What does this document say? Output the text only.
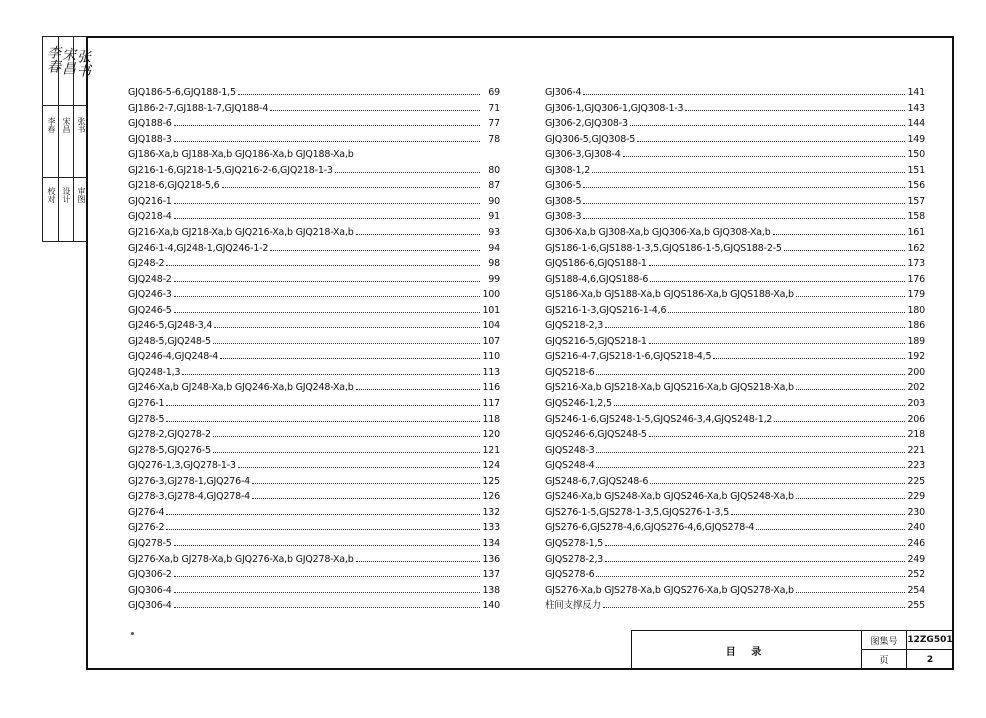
校对 设计 审图
李春 宋昌 张书
李春 宋昌 张书
GJQ186-5-6,GJQ188-1,5	69
GJ186-2-7,GJ188-1-7,GJQ188-4	71
GJQ188-6	77
GJQ188-3	78
GJ186-Xa,b GJ188-Xa,b GJQ186-Xa,b GJQ188-Xa,b
GJ216-1-6,GJ218-1-5,GJQ216-2-6,GJQ218-1-3	80
GJ218-6,GJQ218-5,6	87
GJQ216-1	90
GJQ218-4	91
GJ216-Xa,b GJ218-Xa,b GJQ216-Xa,b GJQ218-Xa,b	93
GJ246-1-4,GJ248-1,GJQ246-1-2	94
GJ248-2	98
GJQ248-2	99
GJQ246-3	100
GJQ246-5	101
GJ246-5,GJ248-3,4	104
GJ248-5,GJQ248-5	107
GJQ246-4,GJQ248-4	110
GJQ248-1,3	113
GJ246-Xa,b GJ248-Xa,b GJQ246-Xa,b GJQ248-Xa,b	116
GJ276-1	117
GJ278-5	118
GJ278-2,GJQ278-2	120
GJ278-5,GJQ276-5	121
GJQ276-1,3,GJQ278-1-3	124
GJ276-3,GJ278-1,GJQ276-4	125
GJ278-3,GJ278-4,GJQ278-4	126
GJ276-4	132
GJ276-2	133
GJQ278-5	134
GJ276-Xa,b GJ278-Xa,b GJQ276-Xa,b GJQ278-Xa,b	136
GJQ306-2	137
GJQ306-4	138
GJQ306-4	140
GJ306-4	141
GJ306-1,GJQ306-1,GJQ308-1-3	143
GJ306-2,GJQ308-3	144
GJQ306-5,GJQ308-5	149
GJ306-3,GJ308-4	150
GJ308-1,2	151
GJ306-5	156
GJ308-5	157
GJ308-3	158
GJ306-Xa,b GJ308-Xa,b GJQ306-Xa,b GJQ308-Xa,b	161
GJS186-1-6,GJS188-1-3,5,GJQS186-1-5,GJQS188-2-5	162
GJQS186-6,GJQS188-1	173
GJS188-4,6,GJQS188-6	176
GJS186-Xa,b GJS188-Xa,b GJQS186-Xa,b GJQS188-Xa,b	179
GJS216-1-3,GJQS216-1-4,6	180
GJQS218-2,3	186
GJQS216-5,GJQS218-1	189
GJS216-4-7,GJS218-1-6,GJQS218-4,5	192
GJQS218-6	200
GJS216-Xa,b GJS218-Xa,b GJQS216-Xa,b GJQS218-Xa,b	202
GJQS246-1,2,5	203
GJS246-1-6,GJS248-1-5,GJQS246-3,4,GJQS248-1,2	206
GJQS246-6,GJQS248-5	218
GJQS248-3	221
GJQS248-4	223
GJS248-6,7,GJQS248-6	225
GJS246-Xa,b GJS248-Xa,b GJQS246-Xa,b GJQS248-Xa,b	229
GJS276-1-5,GJS278-1-3,5,GJQS276-1-3,5	230
GJS276-6,GJS278-4,6,GJQS276-4,6,GJQS278-4	240
GJQS278-1,5	246
GJQS278-2,3	249
GJQS278-6	252
GJS276-Xa,b GJS278-Xa,b GJQS276-Xa,b GJQS278-Xa,b	254
柱间支撑反力	255
目 录
图集号	12ZG501
页	2
